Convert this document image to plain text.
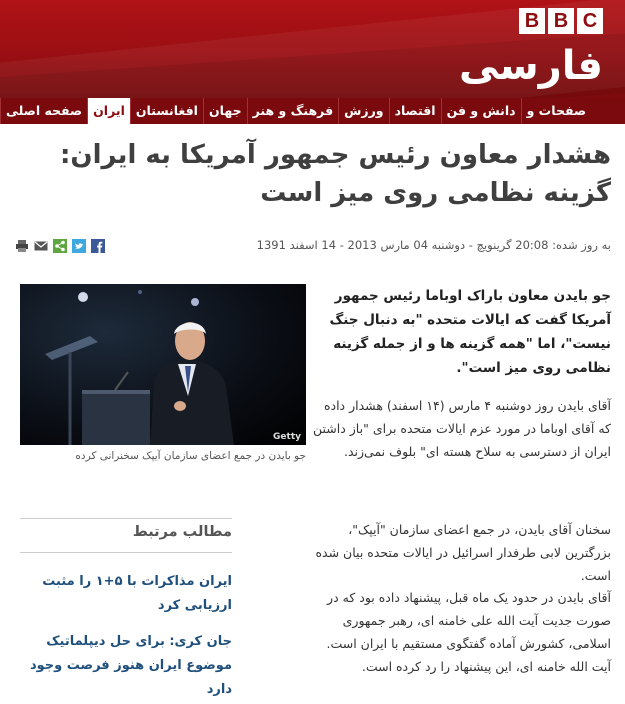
B B C
فارسی
صفحه اصلی ایران افغانستان جهان فرهنگ و هنر ورزش اقتصاد دانش و فن صفحات و
هشدار معاون رئیس جمهور آمریکا به ایران: گزینه نظامی روی میز است
به روز شده: 20:08 گرینویچ - دوشنبه 04 مارس 2013 - 14 اسفند 1391
Getty
جو بایدن در جمع اعضای سازمان آیپک سخنرانی کرده
مطالب مرتبط
ایران مذاکرات با ۵+۱ را مثبت ارزیابی کرد
جان کری: برای حل دیپلماتیک موضوع ایران هنوز فرصت وجود دارد

جو بایدن معاون باراک اوباما رئیس جمهور آمریکا گفت که ایالات متحده "به دنبال جنگ نیست"، اما "همه گزینه ها و از جمله گزینه نظامی روی میز است".

آقای بایدن روز دوشنبه ۴ مارس (۱۴ اسفند) هشدار داده که آقای اوباما در مورد عزم ایالات متحده برای "باز داشتن ایران از دسترسی به سلاح هسته ای" بلوف نمی‌زند.

سخنان آقای بایدن، در جمع اعضای سازمان "آیپک"، بزرگترین لابی طرفدار اسرائیل در ایالات متحده بیان شده است.

آقای بایدن در حدود یک ماه قبل، پیشنهاد داده بود که در صورت جدیت آیت الله علی خامنه ای، رهبر جمهوری اسلامی، کشورش آماده گفتگوی مستقیم با ایران است. آیت الله خامنه ای، این پیشنهاد را رد کرده است.
